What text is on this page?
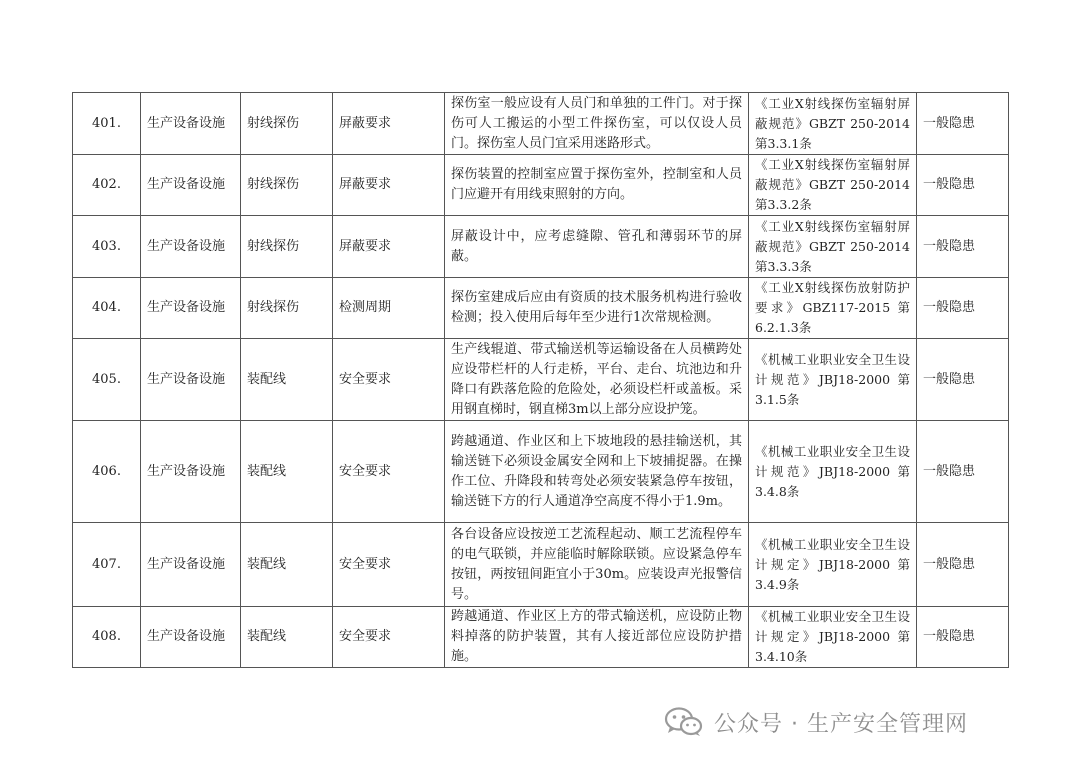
401.	生产设备设施	射线探伤	屏蔽要求	探伤室一般应设有人员门和单独的工件门。对于探伤可人工搬运的小型工件探伤室，可以仅设人员门。探伤室人员门宜采用迷路形式。	《工业X射线探伤室辐射屏蔽规范》GBZT 250-2014 第3.3.1条	一般隐患
402.	生产设备设施	射线探伤	屏蔽要求	探伤装置的控制室应置于探伤室外，控制室和人员门应避开有用线束照射的方向。	《工业X射线探伤室辐射屏蔽规范》GBZT 250-2014 第3.3.2条	一般隐患
403.	生产设备设施	射线探伤	屏蔽要求	屏蔽设计中，应考虑缝隙、管孔和薄弱环节的屏蔽。	《工业X射线探伤室辐射屏蔽规范》GBZT 250-2014 第3.3.3条	一般隐患
404.	生产设备设施	射线探伤	检测周期	探伤室建成后应由有资质的技术服务机构进行验收检测；投入使用后每年至少进行1次常规检测。	《工业X射线探伤放射防护要求》GBZ117-2015 第6.2.1.3条	一般隐患
405.	生产设备设施	装配线	安全要求	生产线辊道、带式输送机等运输设备在人员横跨处应设带栏杆的人行走桥，平台、走台、坑池边和升降口有跌落危险的危险处，必须设栏杆或盖板。采用钢直梯时，钢直梯3m以上部分应设护笼。	《机械工业职业安全卫生设计规范》JBJ18-2000 第3.1.5条	一般隐患
406.	生产设备设施	装配线	安全要求	跨越通道、作业区和上下坡地段的悬挂输送机，其输送链下必须设金属安全网和上下坡捕捉器。在操作工位、升降段和转弯处必须安装紧急停车按钮，输送链下方的行人通道净空高度不得小于1.9m。	《机械工业职业安全卫生设计规范》JBJ18-2000 第3.4.8条	一般隐患
407.	生产设备设施	装配线	安全要求	各台设备应设按逆工艺流程起动、顺工艺流程停车的电气联锁，并应能临时解除联锁。应设紧急停车按钮，两按钮间距宜小于30m。应装设声光报警信号。	《机械工业职业安全卫生设计规定》JBJ18-2000 第3.4.9条	一般隐患
408.	生产设备设施	装配线	安全要求	跨越通道、作业区上方的带式输送机，应设防止物料掉落的防护装置，其有人接近部位应设防护措施。	《机械工业职业安全卫生设计规定》JBJ18-2000 第3.4.10条	一般隐患
公众号 · 生产安全管理网
